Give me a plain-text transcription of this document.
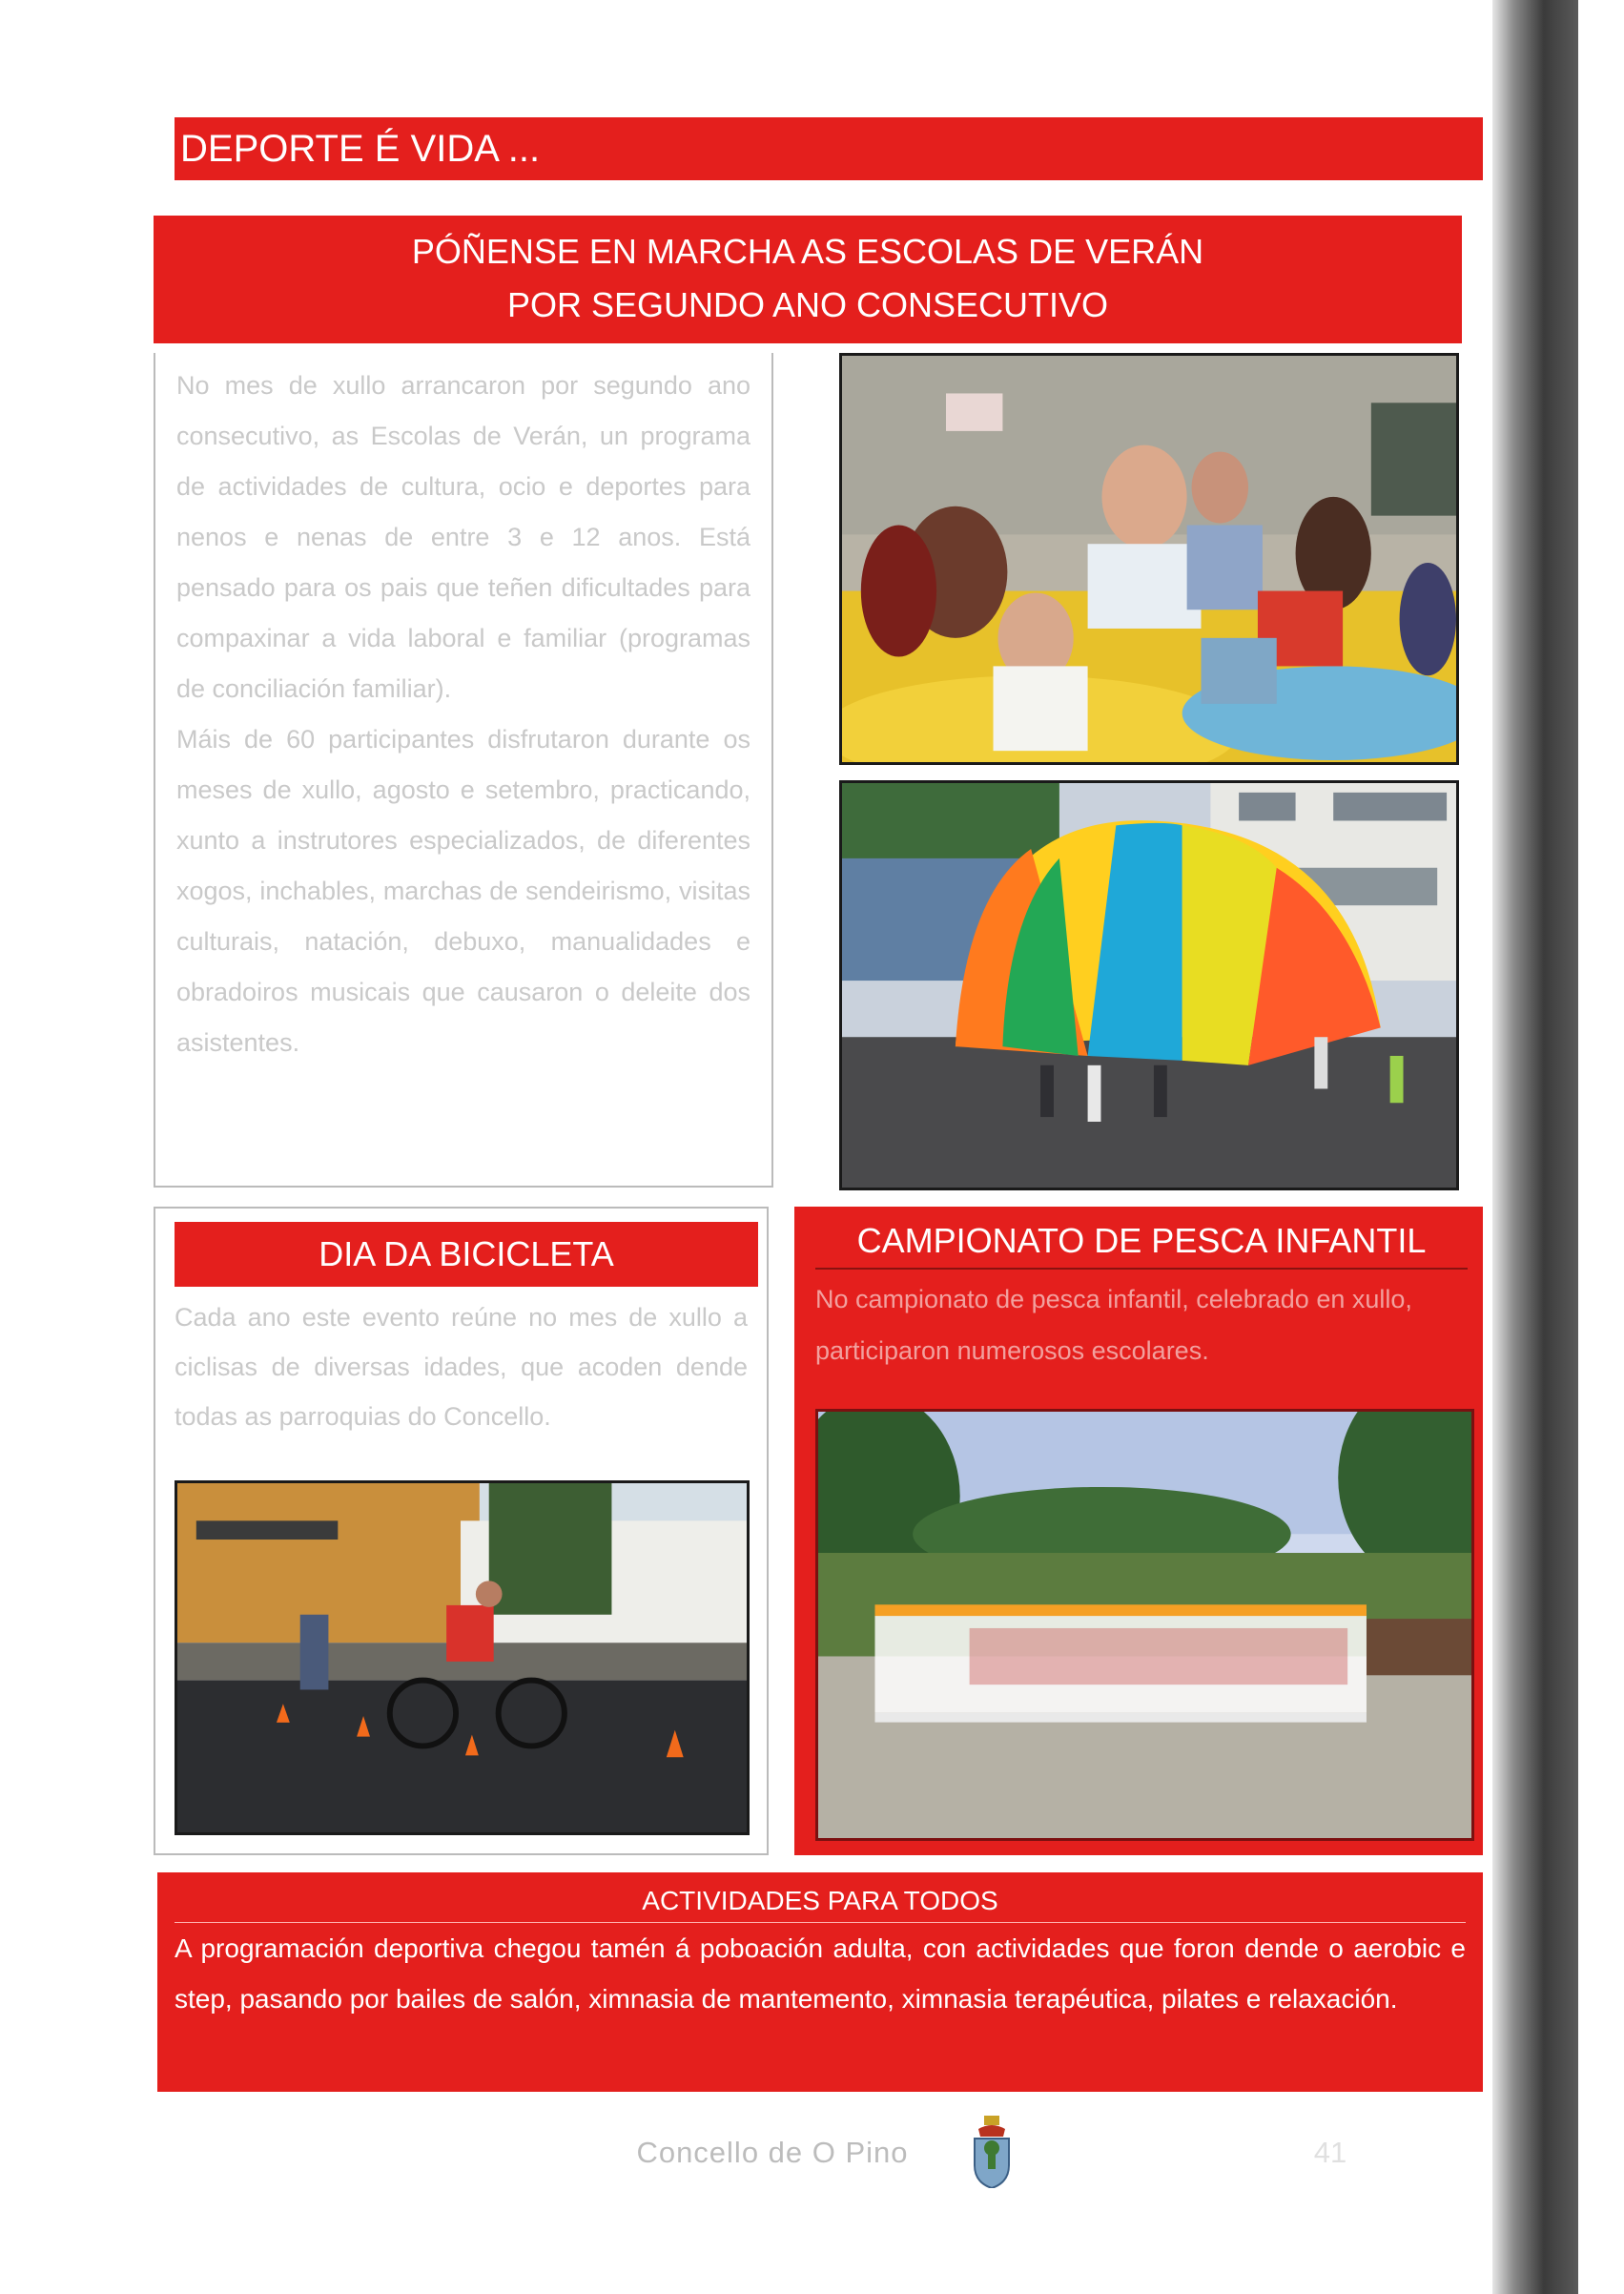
DEPORTE É VIDA ...
PÓÑENSE EN MARCHA AS ESCOLAS DE VERÁN
POR SEGUNDO ANO CONSECUTIVO

No mes de xullo arrancaron por segundo ano consecutivo, as Escolas de Verán, un programa de actividades de cultura, ocio e deportes para nenos e nenas de entre 3 e 12 anos. Está pensado para os pais que teñen dificultades para compaxinar a vida laboral e familiar (programas de conciliación familiar).

Máis de 60 participantes disfrutaron durante os meses de xullo, agosto e setembro, practicando, xunto a instrutores especializados, de diferentes xogos, inchables, marchas de sendeirismo, visitas culturais, natación, debuxo, manualidades e obradoiros musicais que causaron o deleite dos asistentes.

DIA DA BICICLETA

Cada ano este evento reúne no mes de xullo a ciclisas de diversas idades, que acoden dende todas as parroquias do Concello.

CAMPIONATO DE PESCA INFANTIL

No campionato de pesca infantil, celebrado en xullo, participaron numerosos escolares.

ACTIVIDADES PARA TODOS

A programación deportiva chegou tamén á poboación adulta, con actividades que foron dende o aerobic e step, pasando por bailes de salón, ximnasia de mantemento, ximnasia terapéutica, pilates e relaxación.

Concello de O Pino	41
